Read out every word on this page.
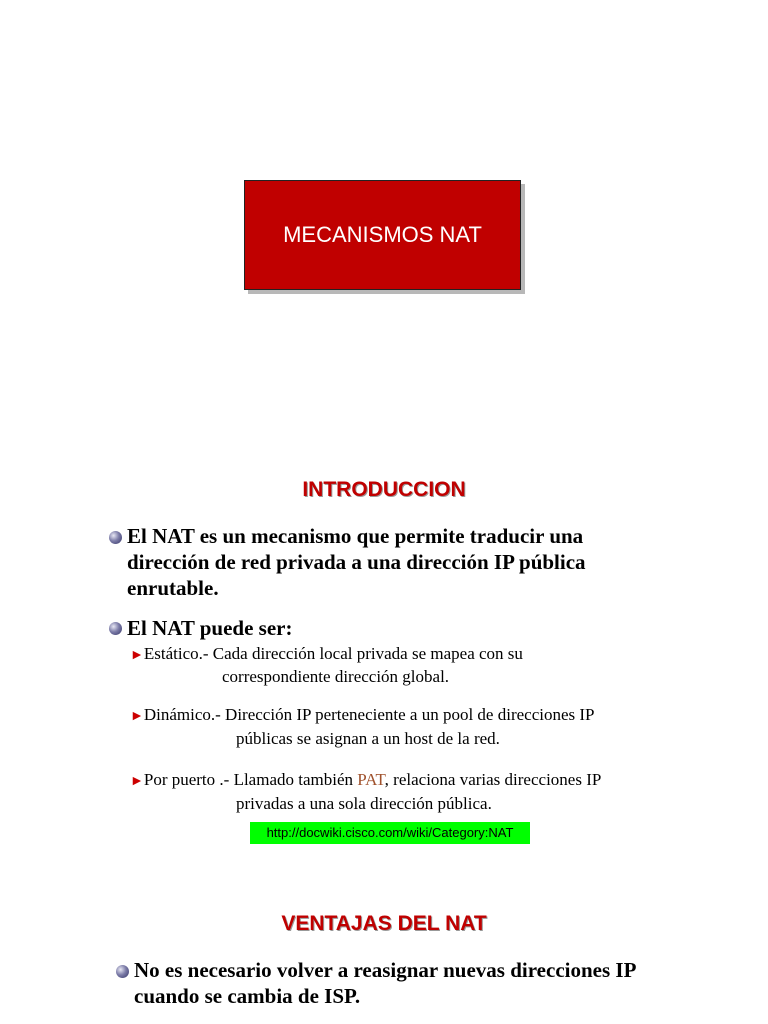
MECANISMOS NAT
INTRODUCCION
El NAT es un mecanismo que permite traducir una
dirección de red privada a una dirección IP pública
enrutable.
El NAT puede ser:
►Estático.- Cada dirección local privada se mapea con su
correspondiente dirección global.
►Dinámico.- Dirección IP perteneciente a un pool de direcciones IP
públicas se asignan a un host de la red.
►Por puerto .- Llamado también PAT, relaciona varias direcciones IP
privadas a una sola dirección pública.
http://docwiki.cisco.com/wiki/Category:NAT
VENTAJAS DEL NAT
No es necesario volver a reasignar nuevas direcciones IP
cuando se cambia de ISP.
